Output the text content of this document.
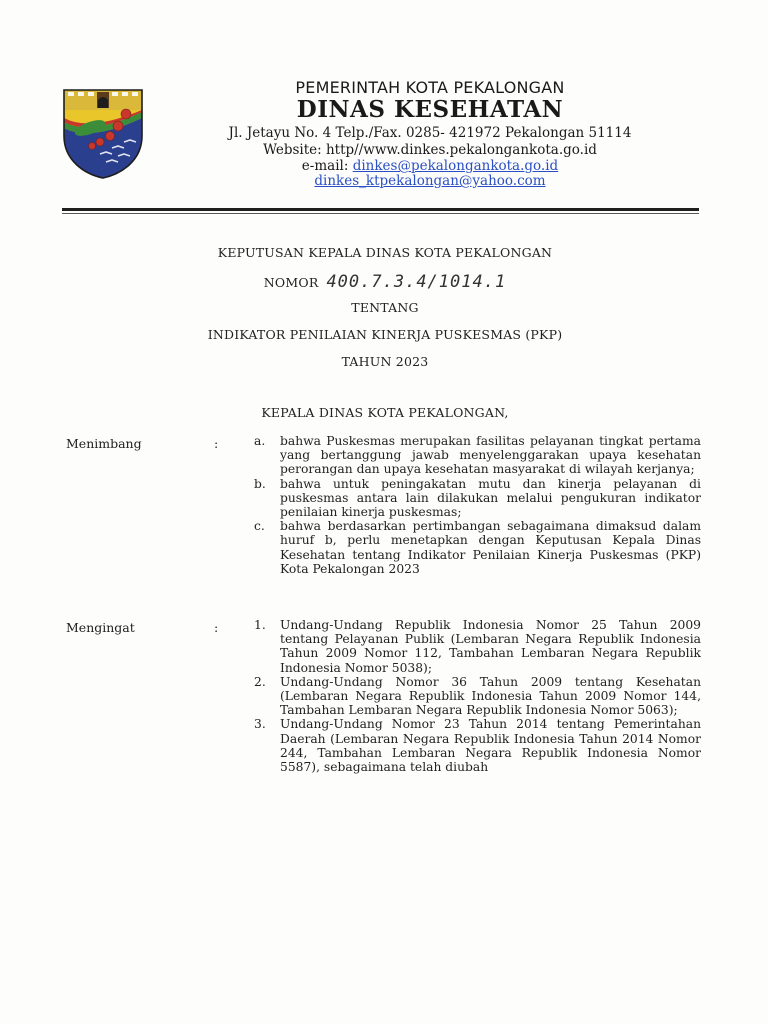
PEMERINTAH KOTA PEKALONGAN
DINAS KESEHATAN
Jl. Jetayu No. 4 Telp./Fax. 0285- 421972 Pekalongan 51114
Website: http//www.dinkes.pekalongankota.go.id
e-mail: dinkes@pekalongankota.go.id
dinkes_ktpekalongan@yahoo.com
KEPUTUSAN KEPALA DINAS KOTA PEKALONGAN
NOMOR 400.7.3.4/1014.1
TENTANG
INDIKATOR PENILAIAN KINERJA PUSKESMAS (PKP)
TAHUN 2023
KEPALA DINAS KOTA PEKALONGAN,
Menimbang	:	a. bahwa Puskesmas merupakan fasilitas pelayanan tingkat pertama yang bertanggung jawab menyelenggarakan upaya kesehatan perorangan dan upaya kesehatan masyarakat di wilayah kerjanya;
b. bahwa untuk peningakatan mutu dan kinerja pelayanan di puskesmas antara lain dilakukan melalui pengukuran indikator penilaian kinerja puskesmas;
c. bahwa berdasarkan pertimbangan sebagaimana dimaksud dalam huruf b, perlu menetapkan dengan Keputusan Kepala Dinas Kesehatan tentang Indikator Penilaian Kinerja Puskesmas (PKP) Kota Pekalongan 2023
Mengingat	:	1. Undang-Undang Republik Indonesia Nomor 25 Tahun 2009 tentang Pelayanan Publik (Lembaran Negara Republik Indonesia Tahun 2009 Nomor 112, Tambahan Lembaran Negara Republik Indonesia Nomor 5038);
2. Undang-Undang Nomor 36 Tahun 2009 tentang Kesehatan (Lembaran Negara Republik Indonesia Tahun 2009 Nomor 144, Tambahan Lembaran Negara Republik Indonesia Nomor 5063);
3. Undang-Undang Nomor 23 Tahun 2014 tentang Pemerintahan Daerah (Lembaran Negara Republik Indonesia Tahun 2014 Nomor 244, Tambahan Lembaran Negara Republik Indonesia Nomor 5587), sebagaimana telah diubah
